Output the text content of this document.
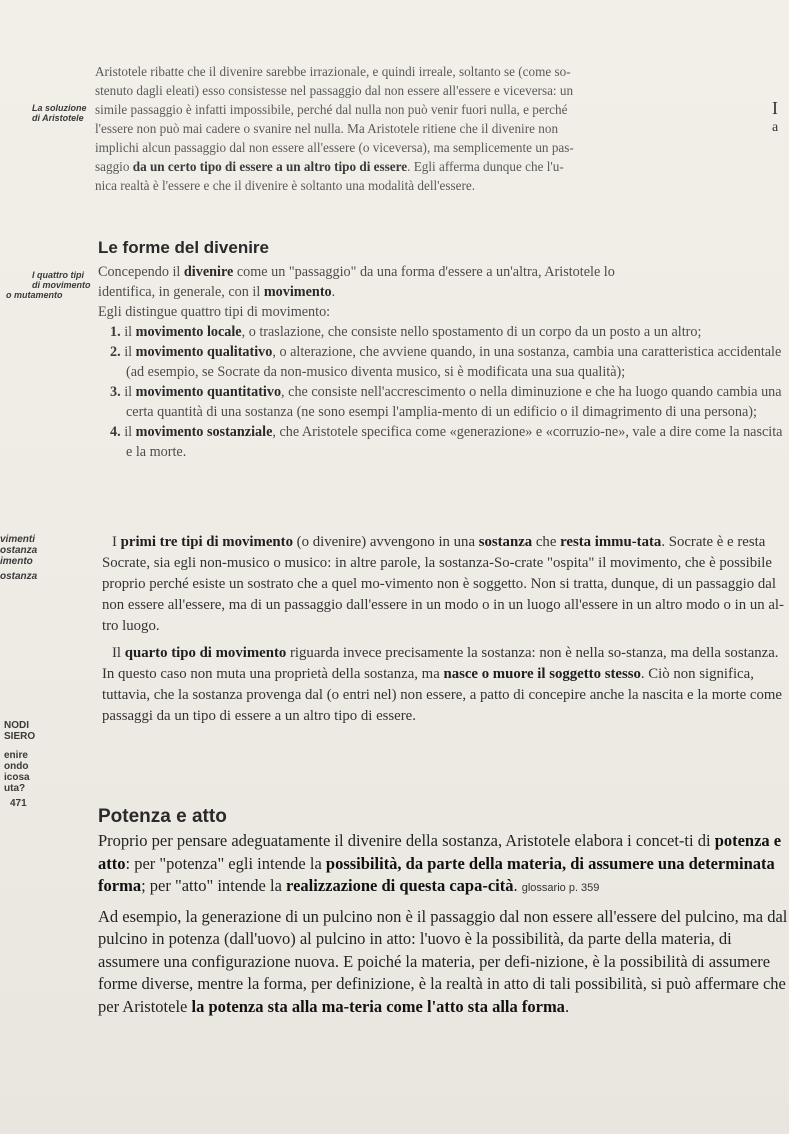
I
a
La soluzione
di Aristotele
I quattro tipi
di movimento
o mutamento
vimenti
ostanza
imento
ostanza
NODI
SIERO
enire
ondo
icosa
uta?
471

Aristotele ribatte che il divenire sarebbe irrazionale, e quindi irreale, soltanto se (come so-

stenuto dagli eleati) esso consistesse nel passaggio dal non essere all'essere e viceversa: un

simile passaggio è infatti impossibile, perché dal nulla non può venir fuori nulla, e perché

l'essere non può mai cadere o svanire nel nulla. Ma Aristotele ritiene che il divenire non

implichi alcun passaggio dal non essere all'essere (o viceversa), ma semplicemente un pas-

saggio da un certo tipo di essere a un altro tipo di essere. Egli afferma dunque che l'u-

nica realtà è l'essere e che il divenire è soltanto una modalità dell'essere.

Le forme del divenire

Concependo il divenire come un "passaggio" da una forma d'essere a un'altra, Aristotele lo

identifica, in generale, con il movimento.

Egli distingue quattro tipi di movimento:

1. il movimento locale, o traslazione, che consiste nello spostamento di un corpo da un posto a un altro;
2. il movimento qualitativo, o alterazione, che avviene quando, in una sostanza, cambia una caratteristica accidentale (ad esempio, se Socrate da non-musico diventa musico, si è modificata una sua qualità);
3. il movimento quantitativo, che consiste nell'accrescimento o nella diminuzione e che ha luogo quando cambia una certa quantità di una sostanza (ne sono esempi l'amplia-mento di un edificio o il dimagrimento di una persona);
4. il movimento sostanziale, che Aristotele specifica come «generazione» e «corruzio-ne», vale a dire come la nascita e la morte.

I primi tre tipi di movimento (o divenire) avvengono in una sostanza che resta immu-tata. Socrate è e resta Socrate, sia egli non-musico o musico: in altre parole, la sostanza-So-crate "ospita" il movimento, che è possibile proprio perché esiste un sostrato che a quel mo-vimento non è soggetto. Non si tratta, dunque, di un passaggio dal non essere all'essere, ma di un passaggio dall'essere in un modo o in un luogo all'essere in un altro modo o in un al-tro luogo.

Il quarto tipo di movimento riguarda invece precisamente la sostanza: non è nella so-stanza, ma della sostanza. In questo caso non muta una proprietà della sostanza, ma nasce o muore il soggetto stesso. Ciò non significa, tuttavia, che la sostanza provenga dal (o entri nel) non essere, a patto di concepire anche la nascita e la morte come passaggi da un tipo di essere a un altro tipo di essere.

Potenza e atto

Proprio per pensare adeguatamente il divenire della sostanza, Aristotele elabora i concet-ti di potenza e atto: per "potenza" egli intende la possibilità, da parte della materia, di assumere una determinata forma; per "atto" intende la realizzazione di questa capa-cità. glossario p. 359

Ad esempio, la generazione di un pulcino non è il passaggio dal non essere all'essere del pulcino, ma dal pulcino in potenza (dall'uovo) al pulcino in atto: l'uovo è la possibilità, da parte della materia, di assumere una configurazione nuova. E poiché la materia, per defi-nizione, è la possibilità di assumere forme diverse, mentre la forma, per definizione, è la realtà in atto di tali possibilità, si può affermare che per Aristotele la potenza sta alla ma-teria come l'atto sta alla forma.
